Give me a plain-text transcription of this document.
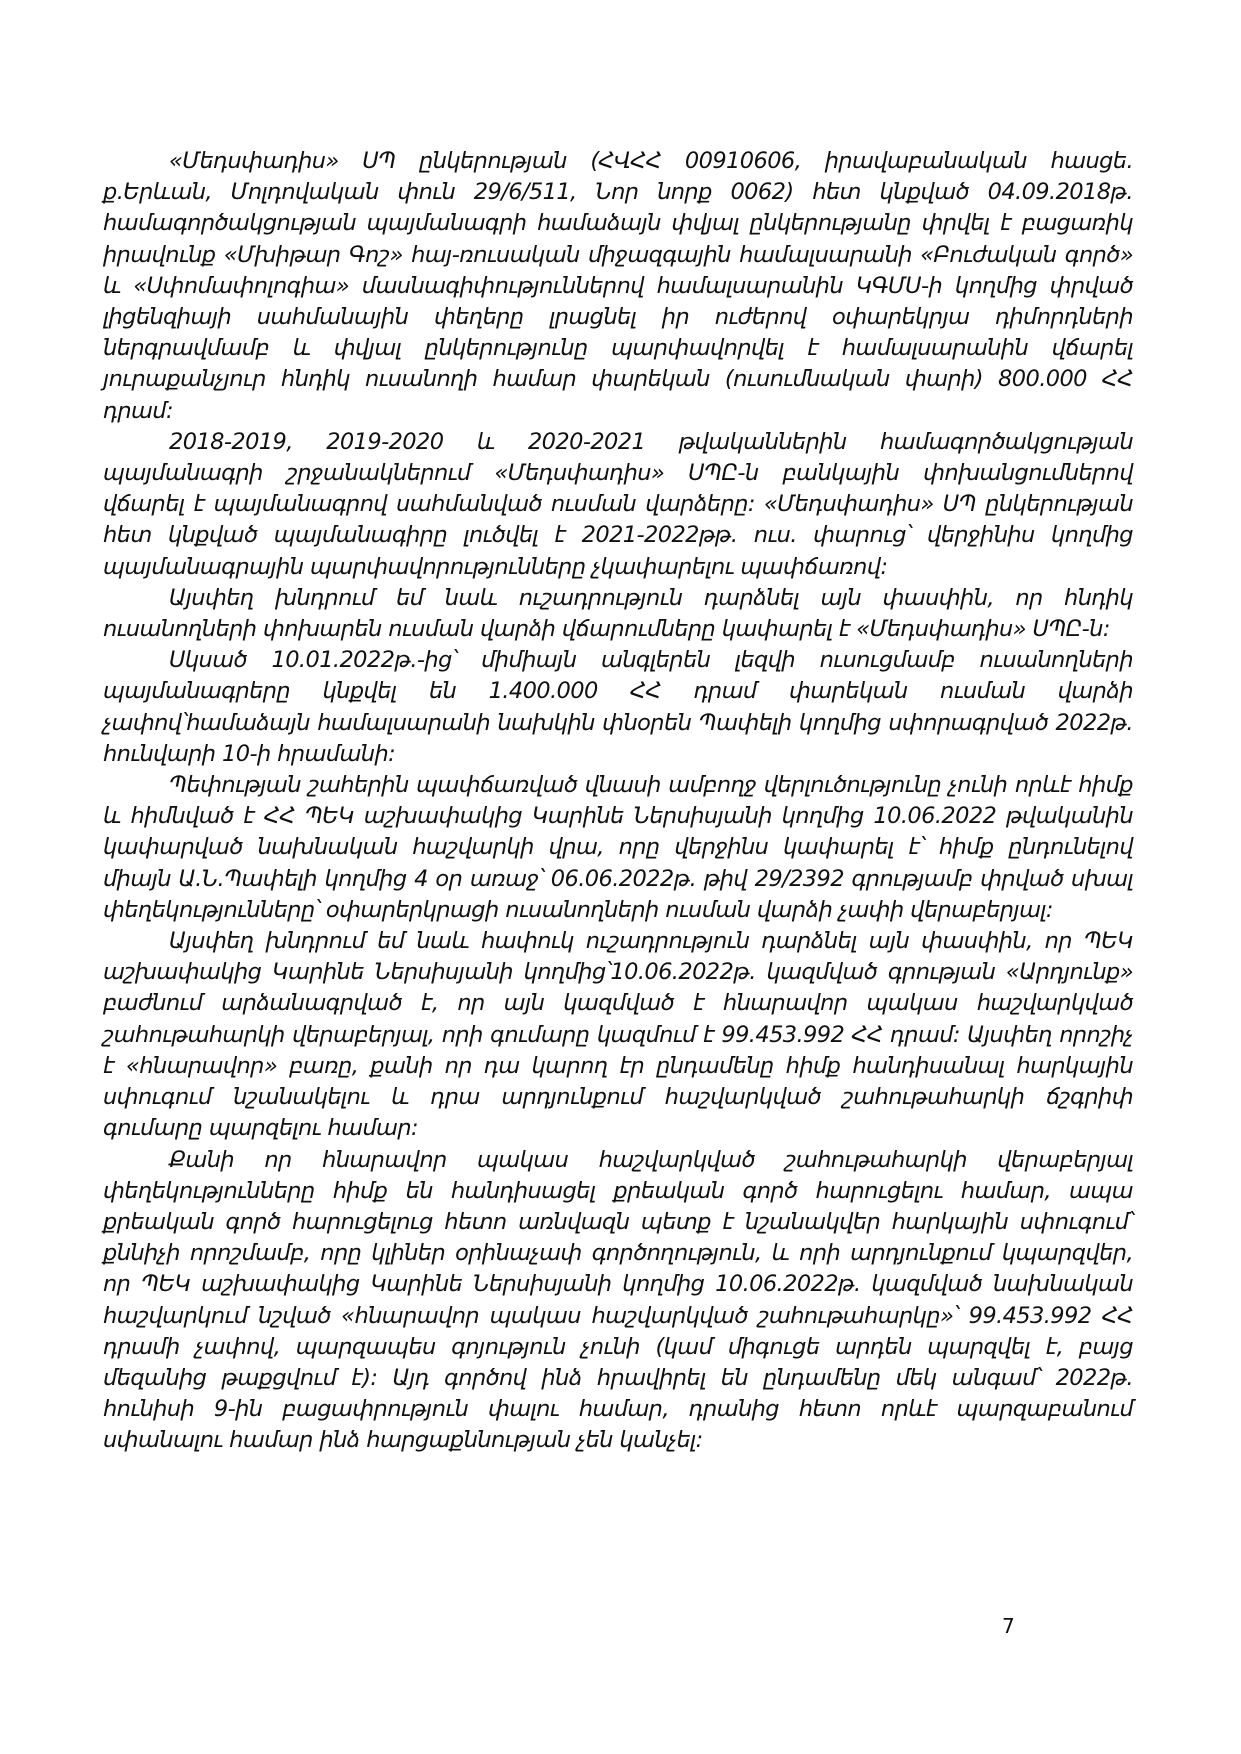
«Մեդսփադիս» ՍՊ ընկերության (ՀՎՀՀ 00910606, իրավաբանական հասցե. ք.Երևան, Մոլդովական փուն 29/6/511, Նոր նորք 0062) հետ կնքված 04.09.2018թ. համագործակցության պայմանագրի համաձայն փվյալ ընկերությանը փրվել է բացառիկ իրավունք «Մխիթար Գոշ» հայ-ռուսական միջազգային համալսարանի «Բուժական գործ» և «Սփոմափոլոգիա» մասնագիփություններով համալսարանին ԿԳՄՍ-ի կողմից փրված լիցենզիայի սահմանային փեղերը լրացնել իր ուժերով օփարեկրյա դիմորդների ներգրավմամբ և փվյալ ընկերությունը պարփավորվել է համալսարանին վճարել յուրաքանչյուր հնդիկ ուսանողի համար փարեկան (ուսումնական փարի) 800.000 ՀՀ դրամ:

2018-2019, 2019-2020 և 2020-2021 թվականներին համագործակցության պայմանագրի շրջանակներում «Մեդսփադիս» ՍՊԸ-ն բանկային փոխանցումներով վճարել է պայմանագրով սահմանված ուսման վարձերը: «Մեդսփադիս» ՍՊ ընկերության հետ կնքված պայմանագիրը լուծվել է 2021-2022թթ. ուս. փարուց՝ վերջինիս կողմից պայմանագրային պարփավորությունները չկափարելու պափճառով:

Այսփեղ խնդրում եմ նաև ուշադրություն դարձնել այն փասփին, որ հնդիկ ուսանողների փոխարեն ուսման վարձի վճարումները կափարել է «Մեդսփադիս» ՍՊԸ-ն:

Սկսած 10.01.2022թ.-ից՝ միմիայն անգլերեն լեզվի ուսուցմամբ ուսանողների պայմանագրերը կնքվել են 1.400.000 ՀՀ դրամ փարեկան ուսման վարձի չափով՝համաձայն համալսարանի նախկին փնօրեն Պափելի կողմից սփորագրված 2022թ. հունվարի 10-ի հրամանի:

Պեփության շահերին պափճառված վնասի ամբողջ վերլուծությունը չունի որևէ հիմք և հիմնված է ՀՀ ՊԵԿ աշխափակից Կարինե Ներսիսյանի կողմից 10.06.2022 թվականին կափարված նախնական հաշվարկի վրա, որը վերջինս կափարել է՝ հիմք ընդունելով միայն Ա.Ն.Պափելի կողմից 4 օր առաջ՝ 06.06.2022թ. թիվ 29/2392 գրությամբ փրված սխալ փեղեկությունները՝ օփարերկրացի ուսանողների ուսման վարձի չափի վերաբերյալ:

Այսփեղ խնդրում եմ նաև հափուկ ուշադրություն դարձնել այն փասփին, որ ՊԵԿ աշխափակից Կարինե Ներսիսյանի կողմից՝10.06.2022թ. կազմված գրության «Արդյունք» բաժնում արձանագրված է, որ այն կազմված է հնարավոր պակաս հաշվարկված շահութահարկի վերաբերյալ, որի գումարը կազմում է 99.453.992 ՀՀ դրամ: Այսփեղ որոշիչ է «հնարավոր» բառը, քանի որ դա կարող էր ընդամենը հիմք հանդիսանալ հարկային սփուգում նշանակելու և դրա արդյունքում հաշվարկված շահութահարկի ճշգրիփ գումարը պարզելու համար:

Քանի որ հնարավոր պակաս հաշվարկված շահութահարկի վերաբերյալ փեղեկությունները հիմք են հանդիսացել քրեական գործ հարուցելու համար, ապա քրեական գործ հարուցելուց հետո առնվազն պետք է նշանակվեր հարկային սփուգում՝ քննիչի որոշմամբ, որը կլիներ օրինաչափ գործողություն, և որի արդյունքում կպարզվեր, որ ՊԵԿ աշխափակից Կարինե Ներսիսյանի կողմից 10.06.2022թ. կազմված նախնական հաշվարկում նշված «հնարավոր պակաս հաշվարկված շահութահարկը»՝ 99.453.992 ՀՀ դրամի չափով, պարզապես գոյություն չունի (կամ միգուցե արդեն պարզվել է, բայց մեզանից թաքցվում է): Այդ գործով ինձ հրավիրել են ընդամենը մեկ անգամ՝ 2022թ. հունիսի 9-ին բացափրություն փալու համար, դրանից հետո որևէ պարզաբանում սփանալու համար ինձ հարցաքննության չեն կանչել:

7
